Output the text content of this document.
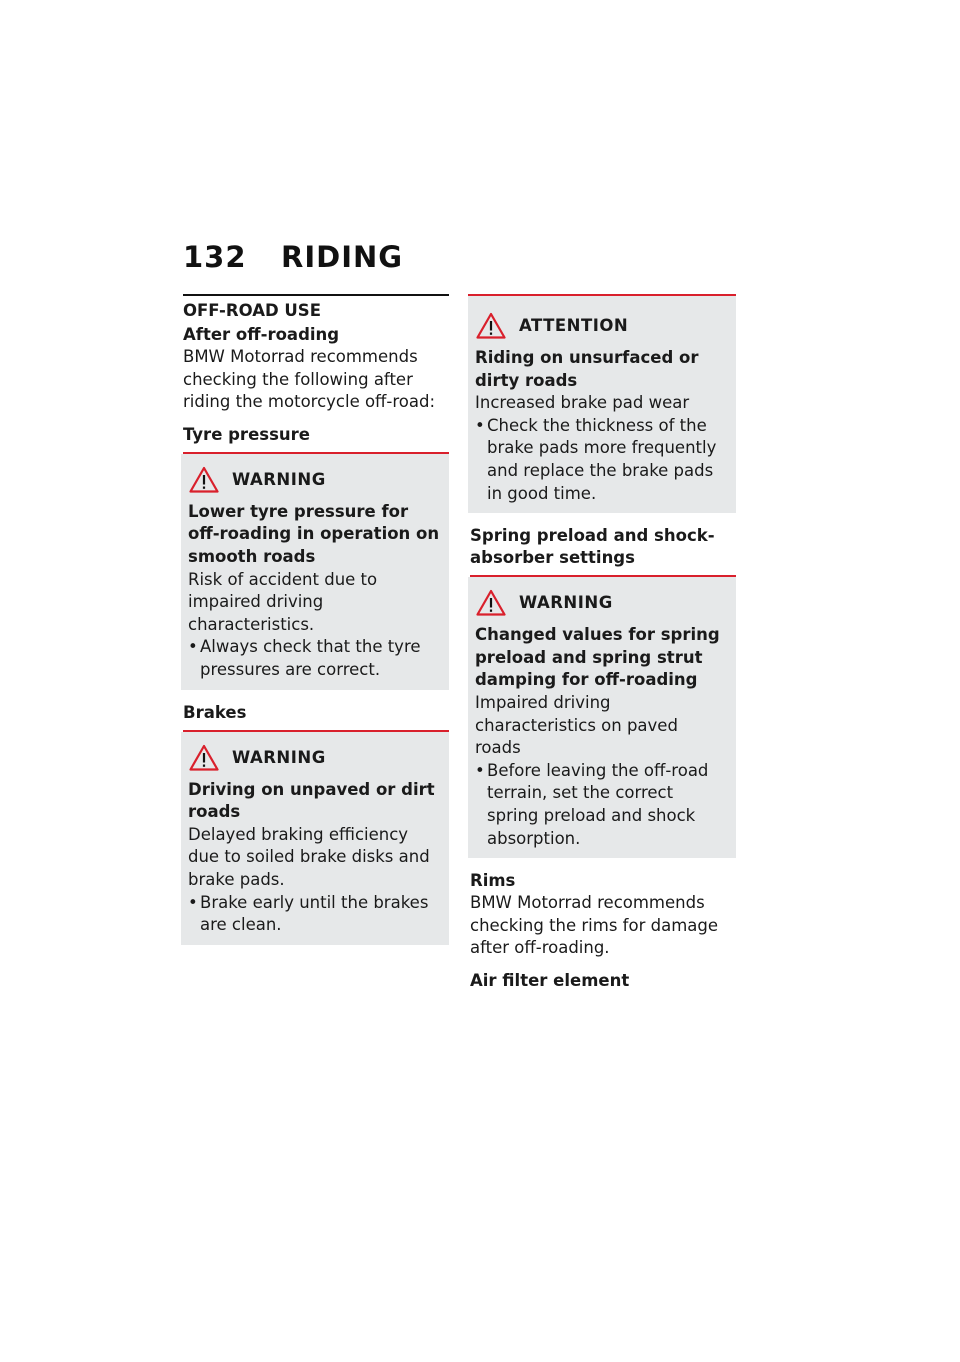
132 RIDING
OFF-ROAD USE
After off-roading
BMW Motorrad recommends checking the following after riding the motorcycle off-road:
Tyre pressure
WARNING
Lower tyre pressure for off-roading in operation on smooth roads
Risk of accident due to impaired driving characteristics.
• Always check that the tyre pressures are correct.
Brakes
WARNING
Driving on unpaved or dirt roads
Delayed braking efficiency due to soiled brake disks and brake pads.
• Brake early until the brakes are clean.
ATTENTION
Riding on unsurfaced or dirty roads
Increased brake pad wear
• Check the thickness of the brake pads more frequently and replace the brake pads in good time.
Spring preload and shock-absorber settings
WARNING
Changed values for spring preload and spring strut damping for off-roading
Impaired driving characteristics on paved roads
• Before leaving the off-road terrain, set the correct spring preload and shock absorption.
Rims
BMW Motorrad recommends checking the rims for damage after off-roading.
Air filter element
